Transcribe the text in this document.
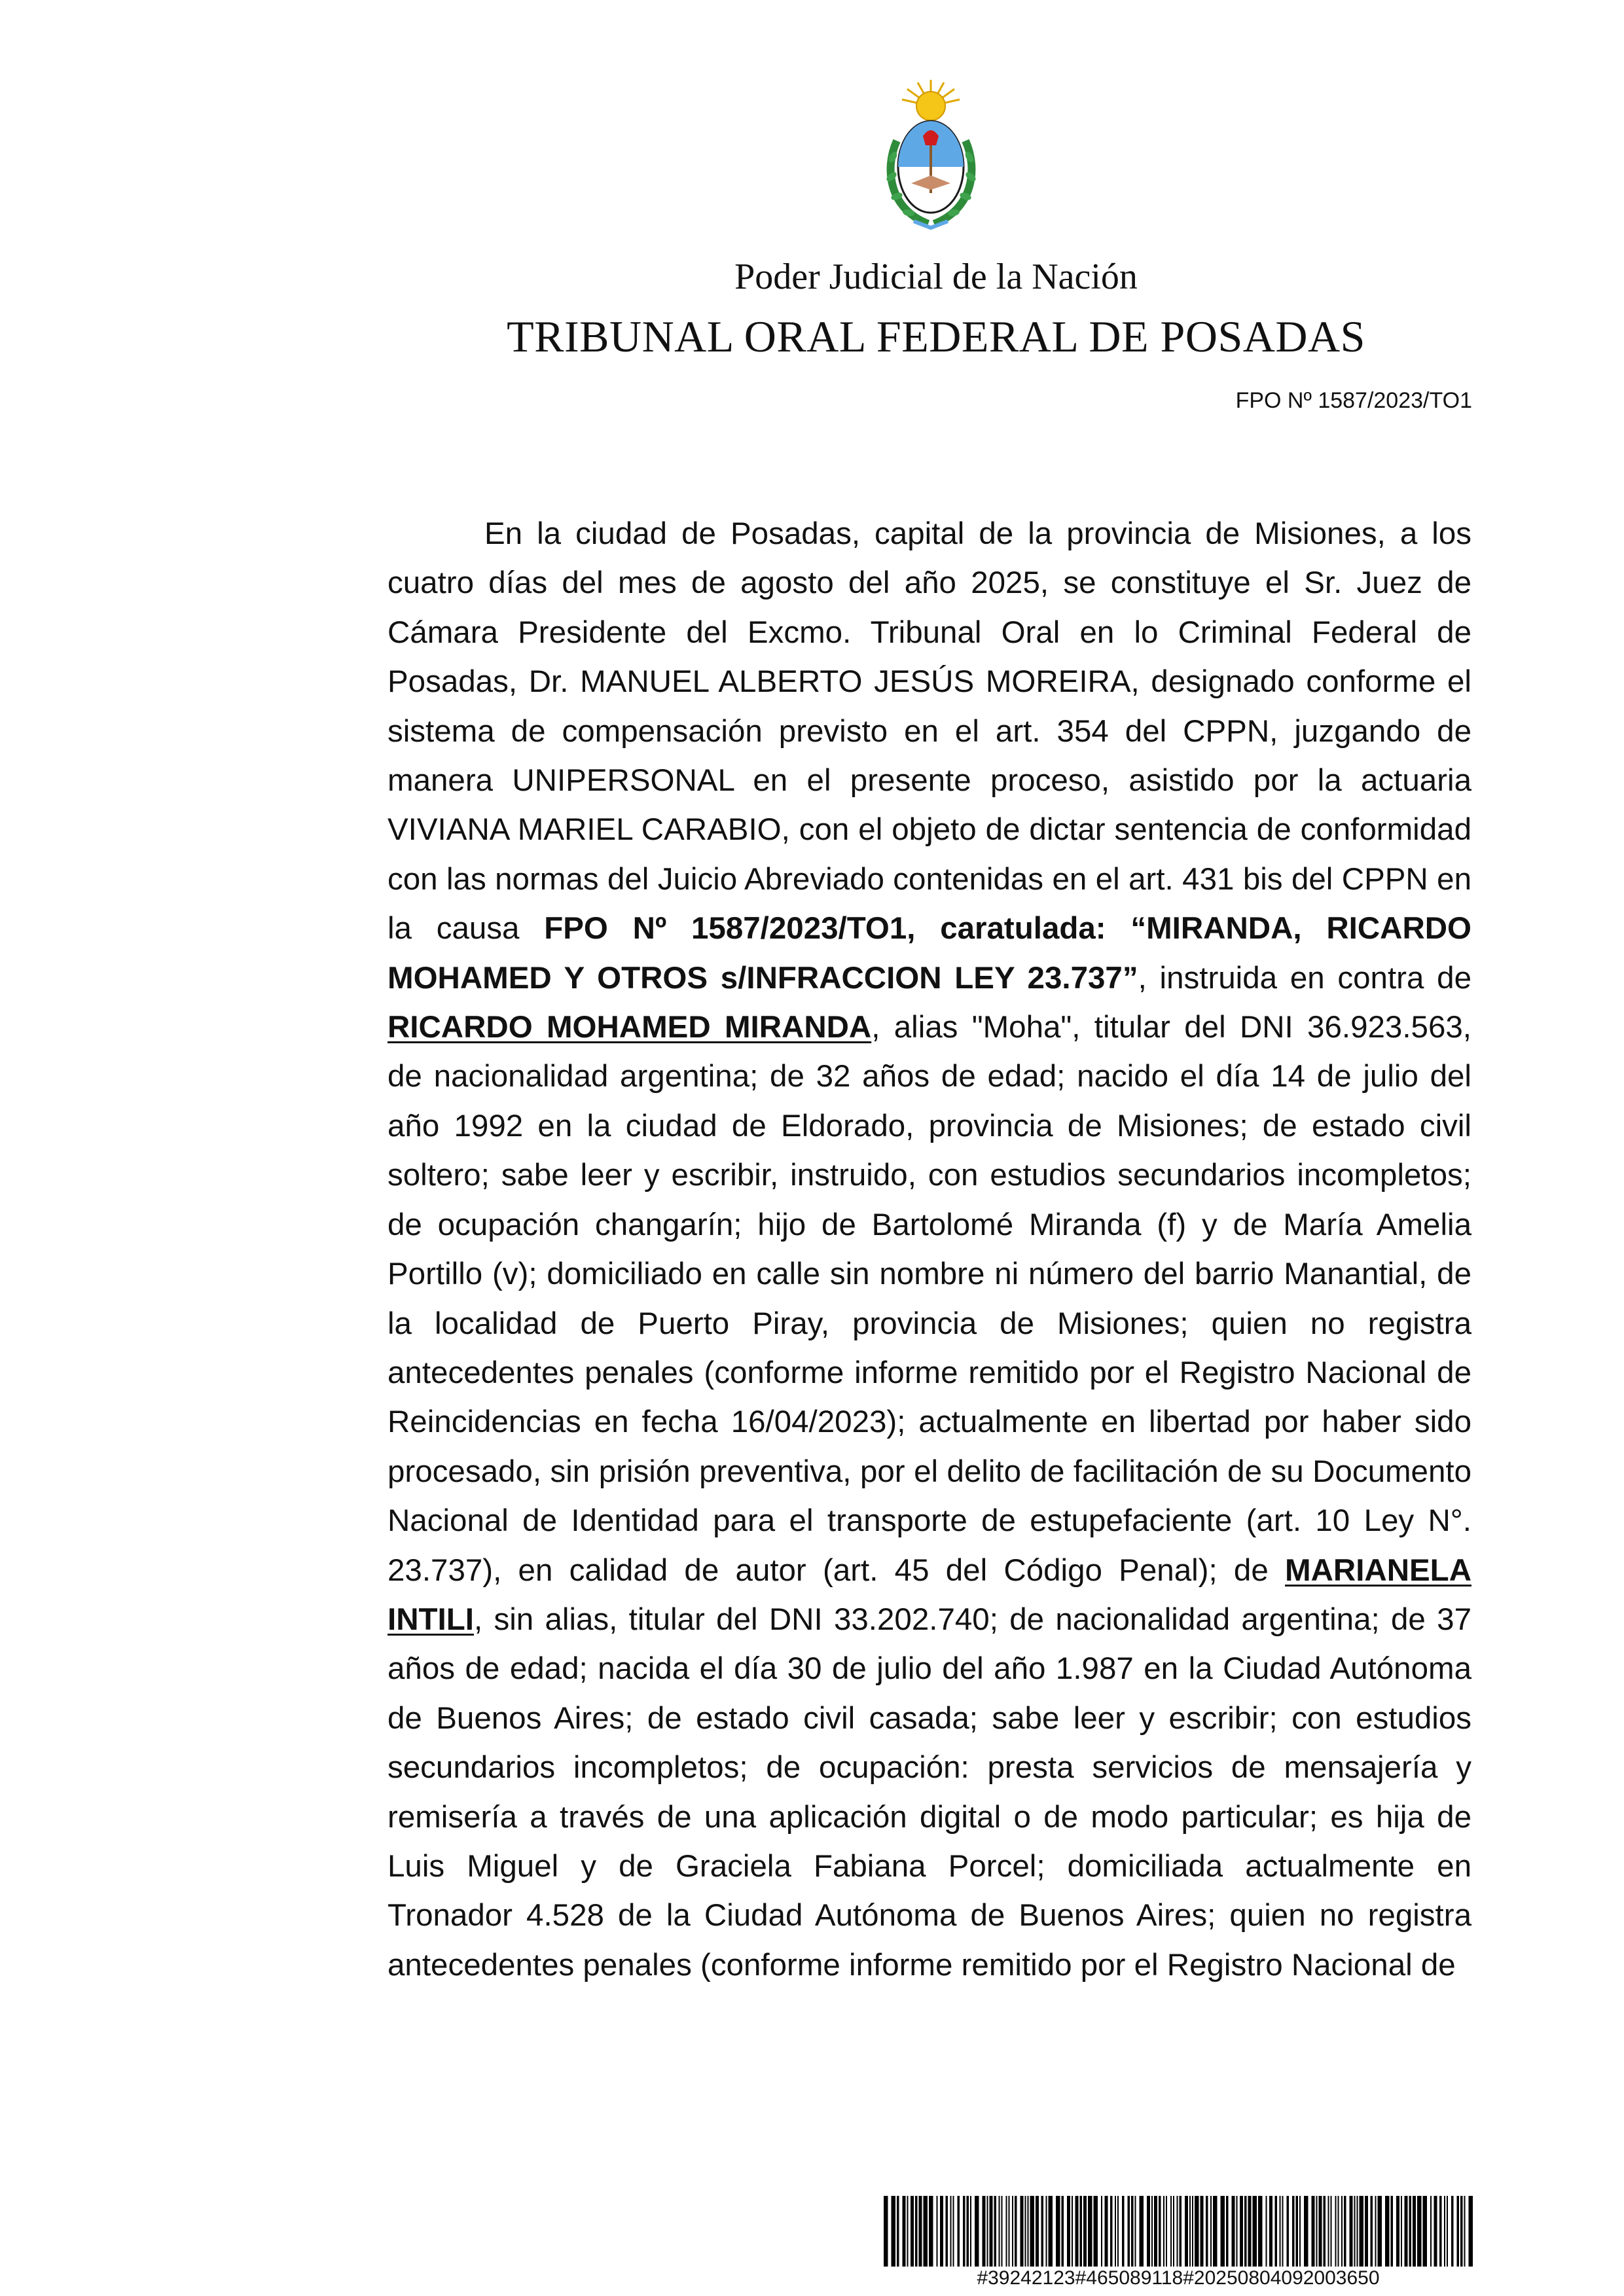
Poder Judicial de la Nación
TRIBUNAL ORAL FEDERAL DE POSADAS
FPO Nº 1587/2023/TO1

En la ciudad de Posadas, capital de la provincia de Misiones, a los cuatro días del mes de agosto del año 2025, se constituye el Sr. Juez de Cámara Presidente del Excmo. Tribunal Oral en lo Criminal Federal de Posadas, Dr. MANUEL ALBERTO JESÚS MOREIRA, designado conforme el sistema de compensación previsto en el art. 354 del CPPN, juzgando de manera UNIPERSONAL en el presente proceso, asistido por la actuaria VIVIANA MARIEL CARABIO, con el objeto de dictar sentencia de conformidad con las normas del Juicio Abreviado contenidas en el art. 431 bis del CPPN en la causa FPO Nº 1587/2023/TO1, caratulada: “MIRANDA, RICARDO MOHAMED Y OTROS s/INFRACCION LEY 23.737”, instruida en contra de RICARDO MOHAMED MIRANDA, alias "Moha", titular del DNI 36.923.563, de nacionalidad argentina; de 32 años de edad; nacido el día 14 de julio del año 1992 en la ciudad de Eldorado, provincia de Misiones; de estado civil soltero; sabe leer y escribir, instruido, con estudios secundarios incompletos; de ocupación changarín; hijo de Bartolomé Miranda (f) y de María Amelia Portillo (v); domiciliado en calle sin nombre ni número del barrio Manantial, de la localidad de Puerto Piray, provincia de Misiones; quien no registra antecedentes penales (conforme informe remitido por el Registro Nacional de Reincidencias en fecha 16/04/2023); actualmente en libertad por haber sido procesado, sin prisión preventiva, por el delito de facilitación de su Documento Nacional de Identidad para el transporte de estupefaciente (art. 10 Ley N°. 23.737), en calidad de autor (art. 45 del Código Penal); de MARIANELA INTILI, sin alias, titular del DNI 33.202.740; de nacionalidad argentina; de 37 años de edad; nacida el día 30 de julio del año 1.987 en la Ciudad Autónoma de Buenos Aires; de estado civil casada; sabe leer y escribir; con estudios secundarios incompletos; de ocupación: presta servicios de mensajería y remisería a través de una aplicación digital o de modo particular; es hija de Luis Miguel y de Graciela Fabiana Porcel; domiciliada actualmente en Tronador 4.528 de la Ciudad Autónoma de Buenos Aires; quien no registra antecedentes penales (conforme informe remitido por el Registro Nacional de

#39242123#465089118#20250804092003650
